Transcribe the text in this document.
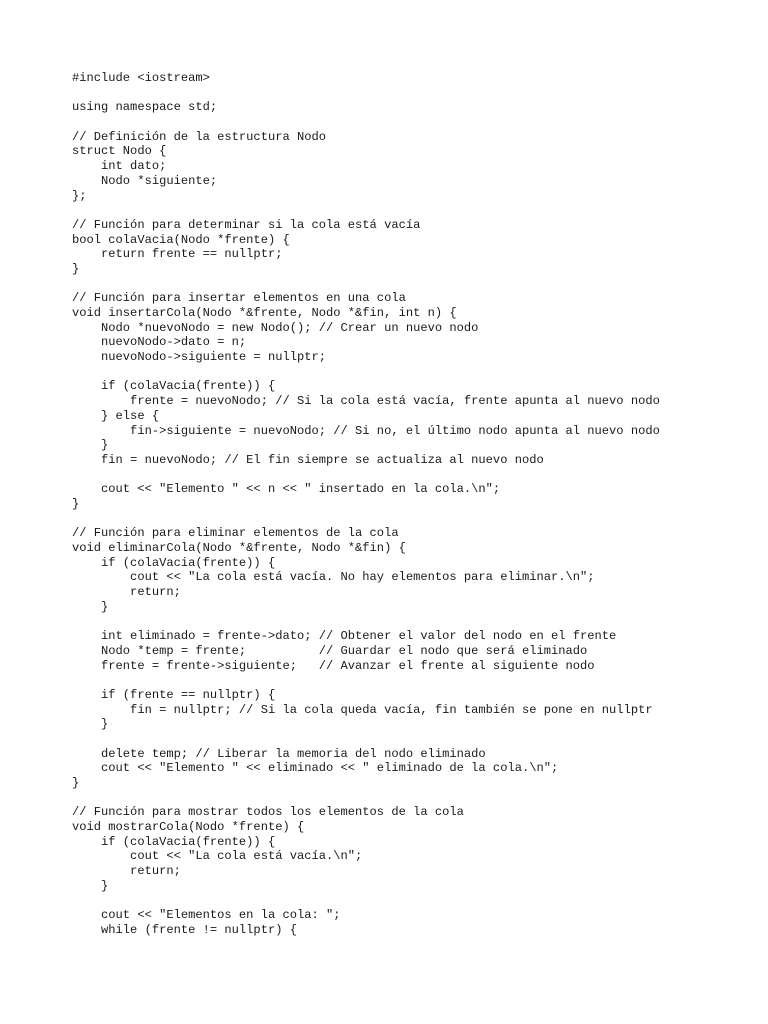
#include <iostream>
using namespace std;
// Definición de la estructura Nodo
struct Nodo {
int dato;
Nodo *siguiente;
};
// Función para determinar si la cola está vacía
bool colaVacia(Nodo *frente) {
return frente == nullptr;
}
// Función para insertar elementos en una cola
void insertarCola(Nodo *&frente, Nodo *&fin, int n) {
Nodo *nuevoNodo = new Nodo(); // Crear un nuevo nodo
nuevoNodo->dato = n;
nuevoNodo->siguiente = nullptr;
if (colaVacia(frente)) {
frente = nuevoNodo; // Si la cola está vacía, frente apunta al nuevo nodo
} else {
fin->siguiente = nuevoNodo; // Si no, el último nodo apunta al nuevo nodo
}
fin = nuevoNodo; // El fin siempre se actualiza al nuevo nodo
cout << "Elemento " << n << " insertado en la cola.\n";
}
// Función para eliminar elementos de la cola
void eliminarCola(Nodo *&frente, Nodo *&fin) {
if (colaVacia(frente)) {
cout << "La cola está vacía. No hay elementos para eliminar.\n";
return;
}
int eliminado = frente->dato; // Obtener el valor del nodo en el frente
Nodo *temp = frente;          // Guardar el nodo que será eliminado
frente = frente->siguiente;   // Avanzar el frente al siguiente nodo
if (frente == nullptr) {
fin = nullptr; // Si la cola queda vacía, fin también se pone en nullptr
}
delete temp; // Liberar la memoria del nodo eliminado
cout << "Elemento " << eliminado << " eliminado de la cola.\n";
}
// Función para mostrar todos los elementos de la cola
void mostrarCola(Nodo *frente) {
if (colaVacia(frente)) {
cout << "La cola está vacía.\n";
return;
}
cout << "Elementos en la cola: ";
while (frente != nullptr) {
